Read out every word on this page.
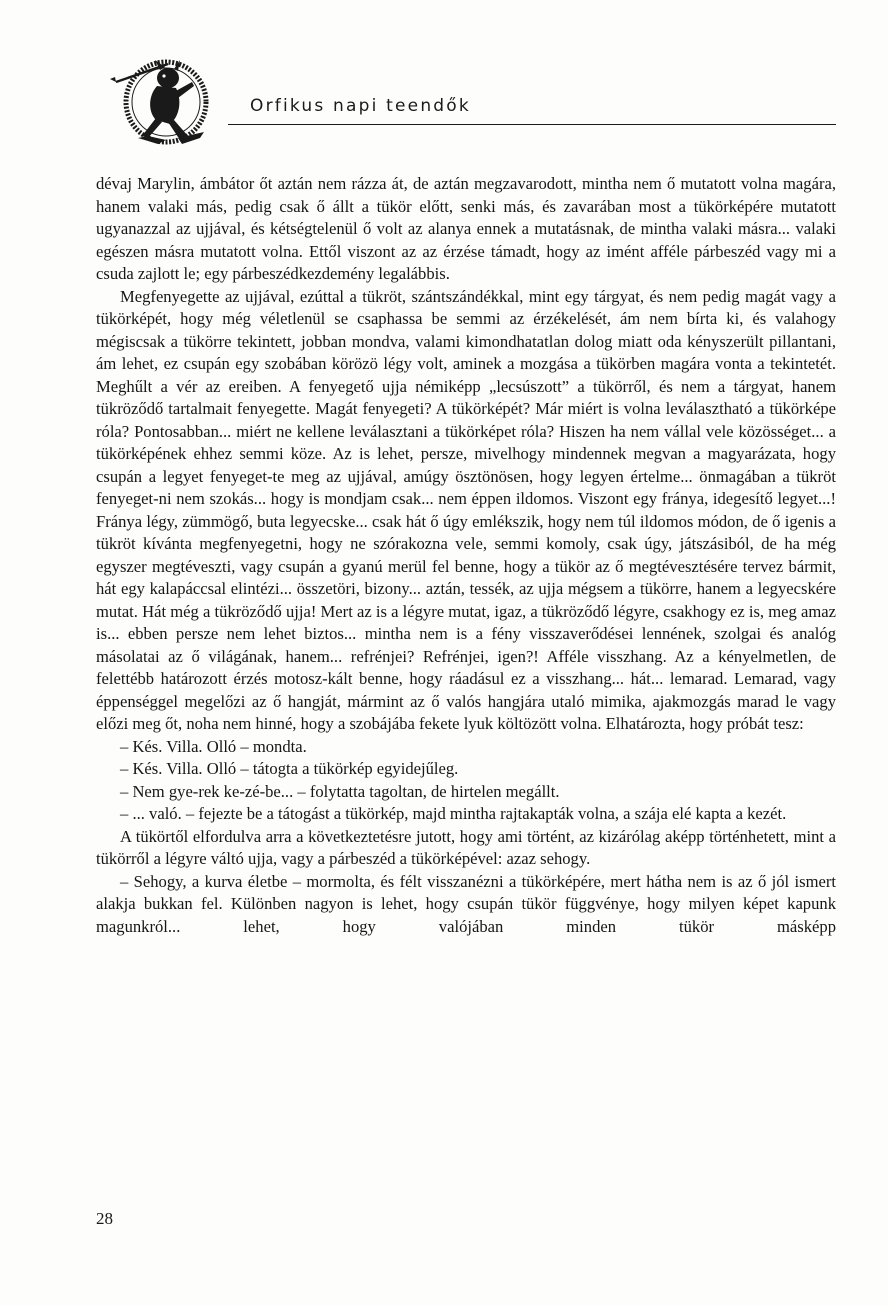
Orfikus napi teendők

dévaj Marylin, ámbátor őt aztán nem rázza át, de aztán megzavarodott, mintha nem ő mutatott volna magára, hanem valaki más, pedig csak ő állt a tükör előtt, senki más, és zavarában most a tükörképére mutatott ugyanazzal az ujjával, és kétségtelenül ő volt az alanya ennek a mutatásnak, de mintha valaki másra... valaki egészen másra mutatott volna. Ettől viszont az az érzése támadt, hogy az imént afféle párbeszéd vagy mi a csuda zajlott le; egy párbeszédkezdemény legalábbis.

Megfenyegette az ujjával, ezúttal a tükröt, szántszándékkal, mint egy tárgyat, és nem pedig magát vagy a tükörképét, hogy még véletlenül se csaphassa be semmi az érzékelését, ám nem bírta ki, és valahogy mégiscsak a tükörre tekintett, jobban mondva, valami kimondhatatlan dolog miatt oda kényszerült pillantani, ám lehet, ez csupán egy szobában körözö légy volt, aminek a mozgása a tükörben magára vonta a tekintetét. Meghűlt a vér az ereiben. A fenyegető ujja némiképp „lecsúszott” a tükörről, és nem a tárgyat, hanem tükröződő tartalmait fenyegette. Magát fenyegeti? A tükörképét? Már miért is volna leválasztható a tükörképe róla? Pontosabban... miért ne kellene leválasztani a tükörképet róla? Hiszen ha nem vállal vele közösséget... a tükörképének ehhez semmi köze. Az is lehet, persze, mivelhogy mindennek megvan a magyarázata, hogy csupán a legyet fenyeget-te meg az ujjával, amúgy ösztönösen, hogy legyen értelme... önmagában a tükröt fenyeget-ni nem szokás... hogy is mondjam csak... nem éppen ildomos. Viszont egy fránya, idegesítő legyet...! Fránya légy, zümmögő, buta legyecske... csak hát ő úgy emlékszik, hogy nem túl ildomos módon, de ő igenis a tükröt kívánta megfenyegetni, hogy ne szórakozna vele, semmi komoly, csak úgy, játszásiból, de ha még egyszer megtéveszti, vagy csupán a gyanú merül fel benne, hogy a tükör az ő megtévesztésére tervez bármit, hát egy kalapáccsal elintézi... összetöri, bizony... aztán, tessék, az ujja mégsem a tükörre, hanem a legyecskére mutat. Hát még a tükröződő ujja! Mert az is a légyre mutat, igaz, a tükröződő légyre, csakhogy ez is, meg amaz is... ebben persze nem lehet biztos... mintha nem is a fény visszaverődései lennének, szolgai és analóg másolatai az ő világának, hanem... refrénjei? Refrénjei, igen?! Afféle visszhang. Az a kényelmetlen, de felettébb határozott érzés motosz-kált benne, hogy ráadásul ez a visszhang... hát... lemarad. Lemarad, vagy éppenséggel megelőzi az ő hangját, mármint az ő valós hangjára utaló mimika, ajakmozgás marad le vagy előzi meg őt, noha nem hinné, hogy a szobájába fekete lyuk költözött volna. Elhatározta, hogy próbát tesz:

– Kés. Villa. Olló – mondta.

– Kés. Villa. Olló – tátogta a tükörkép egyidejűleg.

– Nem gye-rek ke-zé-be... – folytatta tagoltan, de hirtelen megállt.

– ... való. – fejezte be a tátogást a tükörkép, majd mintha rajtakapták volna, a szája elé kapta a kezét.

A tükörtől elfordulva arra a következtetésre jutott, hogy ami történt, az kizárólag aképp történhetett, mint a tükörről a légyre váltó ujja, vagy a párbeszéd a tükörképével: azaz sehogy.

– Sehogy, a kurva életbe – mormolta, és félt visszanézni a tükörképére, mert hátha nem is az ő jól ismert alakja bukkan fel. Különben nagyon is lehet, hogy csupán tükör függvénye, hogy milyen képet kapunk magunkról... lehet, hogy valójában minden tükör másképp

28
